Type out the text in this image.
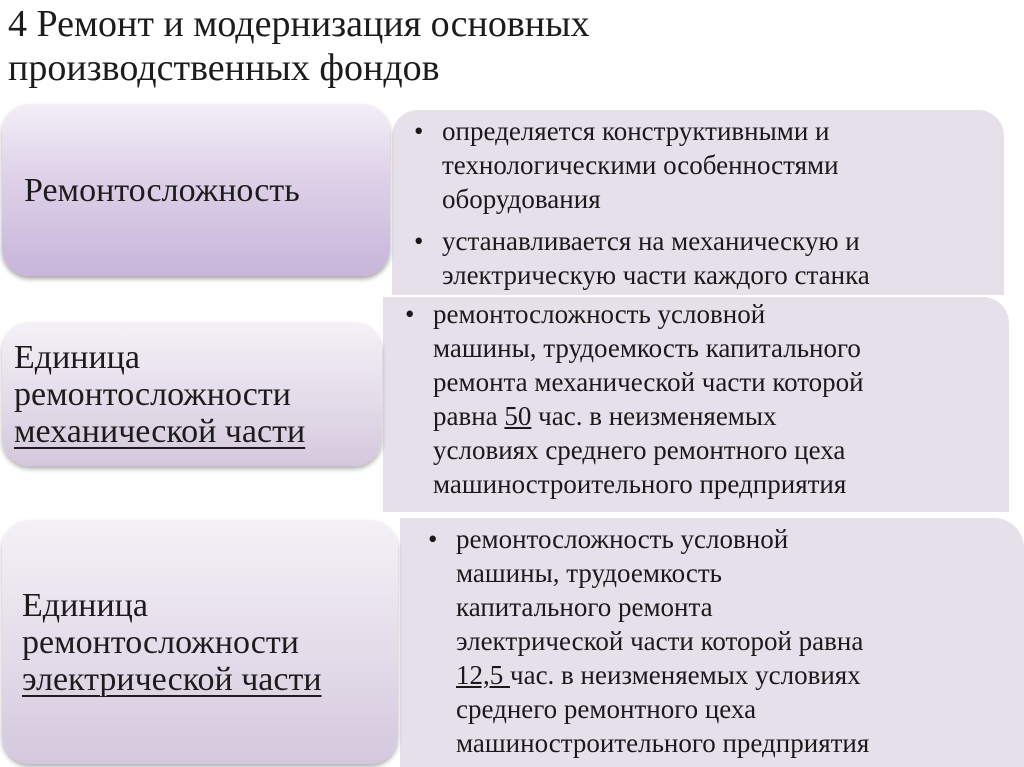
4 Ремонт и модернизация основных
производственных фондов
• определяется конструктивными и
технологическими особенностями
оборудования
• устанавливается на механическую и
электрическую части каждого станка
Ремонтосложность
• ремонтосложность условной
машины, трудоемкость капитального
ремонта механической части которой
равна 50 час. в неизменяемых
условиях среднего ремонтного цеха
машиностроительного предприятия
Единица
ремонтосложности
механической части
• ремонтосложность условной
машины, трудоемкость
капитального ремонта
электрической части которой равна
12,5 час. в неизменяемых условиях
среднего ремонтного цеха
машиностроительного предприятия
Единица
ремонтосложности
электрической части
